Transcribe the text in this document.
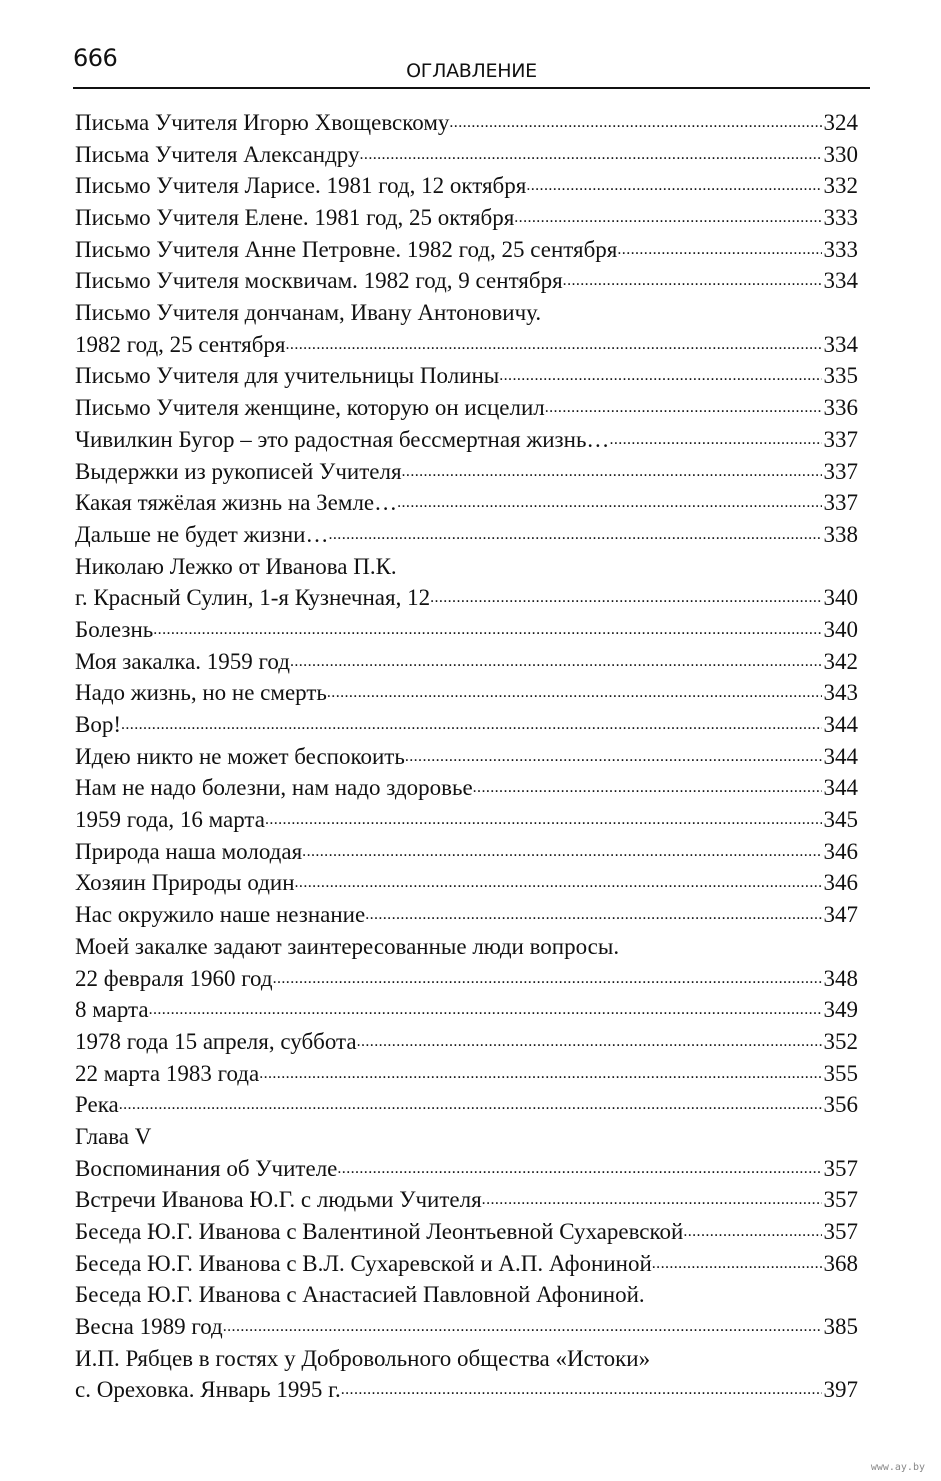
666	ОГЛАВЛЕНИЕ
Письма Учителя Игорю Хвощевскому .....	324
Письма Учителя Александру .....	330
Письмо Учителя Ларисе. 1981 год, 12 октября .....	332
Письмо Учителя Елене. 1981 год, 25 октября .....	333
Письмо Учителя Анне Петровне. 1982 год, 25 сентября .....	333
Письмо Учителя москвичам. 1982 год, 9 сентября .....	334
Письмо Учителя дончанам, Ивану Антоновичу.
1982 год, 25 сентября .....	334
Письмо Учителя для учительницы Полины .....	335
Письмо Учителя женщине, которую он исцелил .....	336
Чивилкин Бугор – это радостная бессмертная жизнь… .....	337
Выдержки из рукописей Учителя .....	337
Какая тяжёлая жизнь на Земле… .....	337
Дальше не будет жизни… .....	338
Николаю Лежко от Иванова П.К.
г. Красный Сулин, 1-я Кузнечная, 12 .....	340
Болезнь .....	340
Моя закалка. 1959 год .....	342
Надо жизнь, но не смерть .....	343
Вор! .....	344
Идею никто не может беспокоить .....	344
Нам не надо болезни, нам надо здоровье .....	344
1959 года, 16 марта .....	345
Природа наша молодая .....	346
Хозяин Природы один .....	346
Нас окружило наше незнание .....	347
Моей закалке задают заинтересованные люди вопросы.
22 февраля 1960 год .....	348
8 марта .....	349
1978 года 15 апреля, суббота .....	352
22 марта 1983 года .....	355
Река .....	356
Глава V
Воспоминания об Учителе .....	357
Встречи Иванова Ю.Г. с людьми Учителя .....	357
Беседа Ю.Г. Иванова с Валентиной Леонтьевной Сухаревской .....	357
Беседа Ю.Г. Иванова с В.Л. Сухаревской и А.П. Афониной .....	368
Беседа Ю.Г. Иванова с Анастасией Павловной Афониной.
Весна 1989 год .....	385
И.П. Рябцев в гостях у Добровольного общества «Истоки»
с. Ореховка. Январь 1995 г. .....	397
www.ay.by
